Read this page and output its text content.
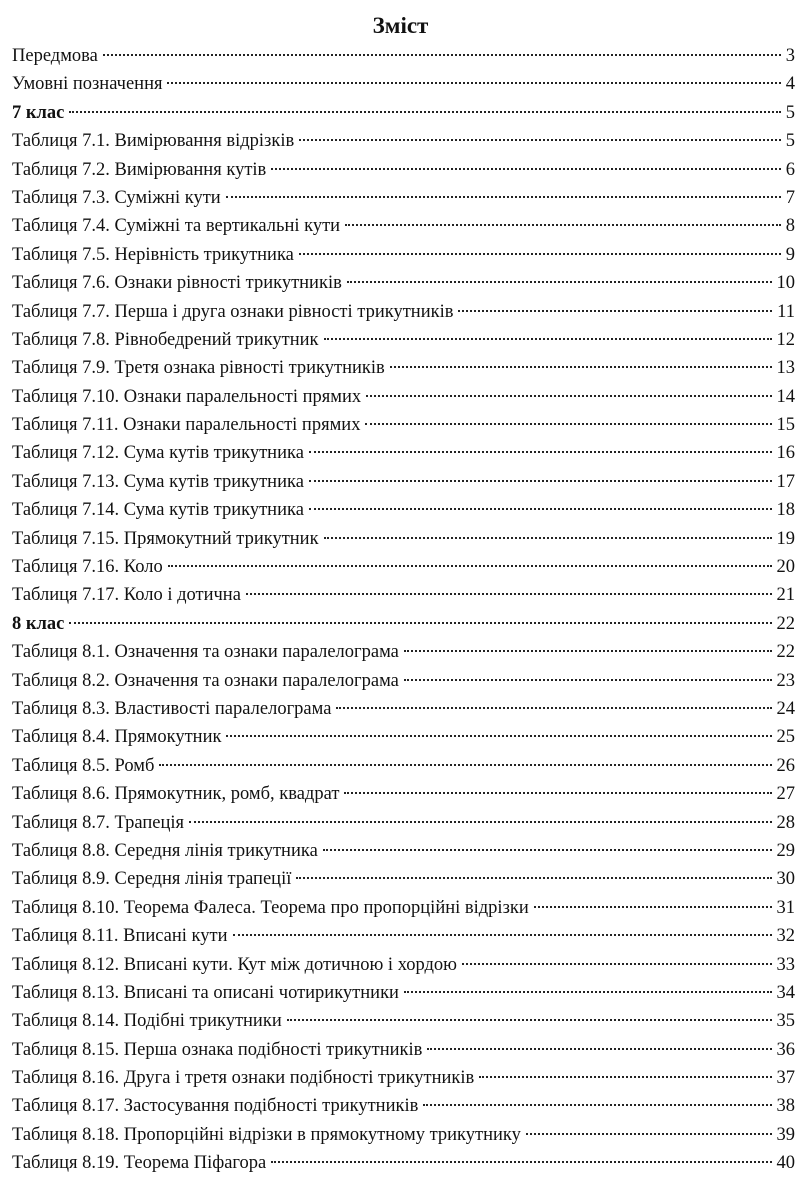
Зміст
Передмова	3
Умовні позначення	4
7 клас	5
Таблиця 7.1. Вимірювання відрізків	5
Таблиця 7.2. Вимірювання кутів	6
Таблиця 7.3. Суміжні кути	7
Таблиця 7.4. Суміжні та вертикальні кути	8
Таблиця 7.5. Нерівність трикутника	9
Таблиця 7.6. Ознаки рівності трикутників	10
Таблиця 7.7. Перша і друга ознаки рівності трикутників	11
Таблиця 7.8. Рівнобедрений трикутник	12
Таблиця 7.9. Третя ознака рівності трикутників	13
Таблиця 7.10. Ознаки паралельності прямих	14
Таблиця 7.11. Ознаки паралельності прямих	15
Таблиця 7.12. Сума кутів трикутника	16
Таблиця 7.13. Сума кутів трикутника	17
Таблиця 7.14. Сума кутів трикутника	18
Таблиця 7.15. Прямокутний трикутник	19
Таблиця 7.16. Коло	20
Таблиця 7.17. Коло і дотична	21
8 клас	22
Таблиця 8.1. Означення та ознаки паралелограма	22
Таблиця 8.2. Означення та ознаки паралелограма	23
Таблиця 8.3. Властивості паралелограма	24
Таблиця 8.4. Прямокутник	25
Таблиця 8.5. Ромб	26
Таблиця 8.6. Прямокутник, ромб, квадрат	27
Таблиця 8.7. Трапеція	28
Таблиця 8.8. Середня лінія трикутника	29
Таблиця 8.9. Середня лінія трапеції	30
Таблиця 8.10. Теорема Фалеса. Теорема про пропорційні відрізки	31
Таблиця 8.11. Вписані кути	32
Таблиця 8.12. Вписані кути. Кут між дотичною і хордою	33
Таблиця 8.13. Вписані та описані чотирикутники	34
Таблиця 8.14. Подібні трикутники	35
Таблиця 8.15. Перша ознака подібності трикутників	36
Таблиця 8.16. Друга і третя ознаки подібності трикутників	37
Таблиця 8.17. Застосування подібності трикутників	38
Таблиця 8.18. Пропорційні відрізки в прямокутному трикутнику	39
Таблиця 8.19. Теорема Піфагора	40
